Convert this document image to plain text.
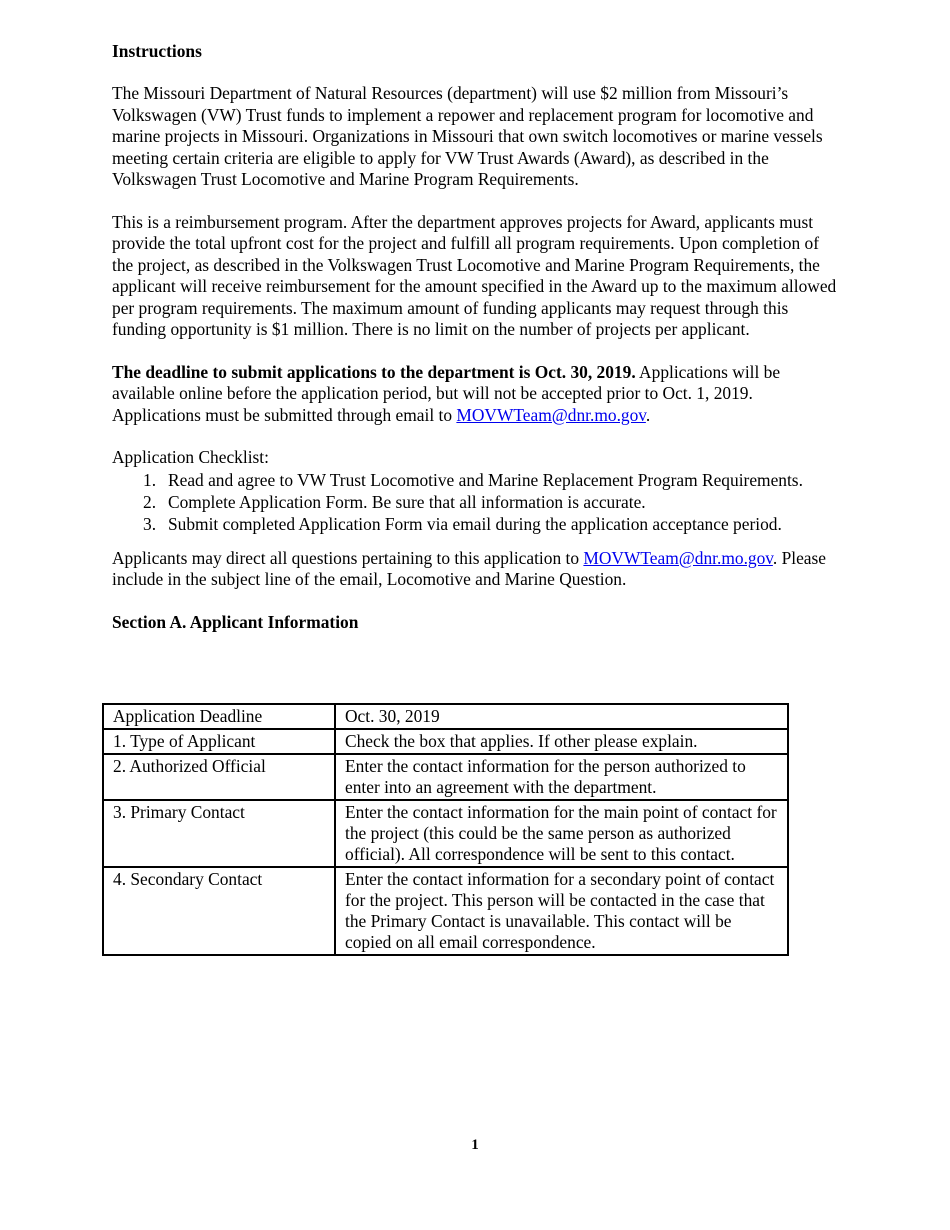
Instructions

The Missouri Department of Natural Resources (department) will use $2 million from Missouri’s Volkswagen (VW) Trust funds to implement a repower and replacement program for locomotive and marine projects in Missouri. Organizations in Missouri that own switch locomotives or marine vessels meeting certain criteria are eligible to apply for VW Trust Awards (Award), as described in the Volkswagen Trust Locomotive and Marine Program Requirements.

This is a reimbursement program. After the department approves projects for Award, applicants must provide the total upfront cost for the project and fulfill all program requirements. Upon completion of the project, as described in the Volkswagen Trust Locomotive and Marine Program Requirements, the applicant will receive reimbursement for the amount specified in the Award up to the maximum allowed per program requirements. The maximum amount of funding applicants may request through this funding opportunity is $1 million. There is no limit on the number of projects per applicant.

The deadline to submit applications to the department is Oct. 30, 2019. Applications will be available online before the application period, but will not be accepted prior to Oct. 1, 2019. Applications must be submitted through email to MOVWTeam@dnr.mo.gov.

Application Checklist:

1. Read and agree to VW Trust Locomotive and Marine Replacement Program Requirements.
2. Complete Application Form. Be sure that all information is accurate.
3. Submit completed Application Form via email during the application acceptance period.

Applicants may direct all questions pertaining to this application to MOVWTeam@dnr.mo.gov. Please include in the subject line of the email, Locomotive and Marine Question.

Section A. Applicant Information
Application Deadline	Oct. 30, 2019
1. Type of Applicant	Check the box that applies. If other please explain.
2. Authorized Official	Enter the contact information for the person authorized to enter into an agreement with the department.
3. Primary Contact	Enter the contact information for the main point of contact for the project (this could be the same person as authorized official). All correspondence will be sent to this contact.
4. Secondary Contact	Enter the contact information for a secondary point of contact for the project. This person will be contacted in the case that the Primary Contact is unavailable. This contact will be copied on all email correspondence.
1
